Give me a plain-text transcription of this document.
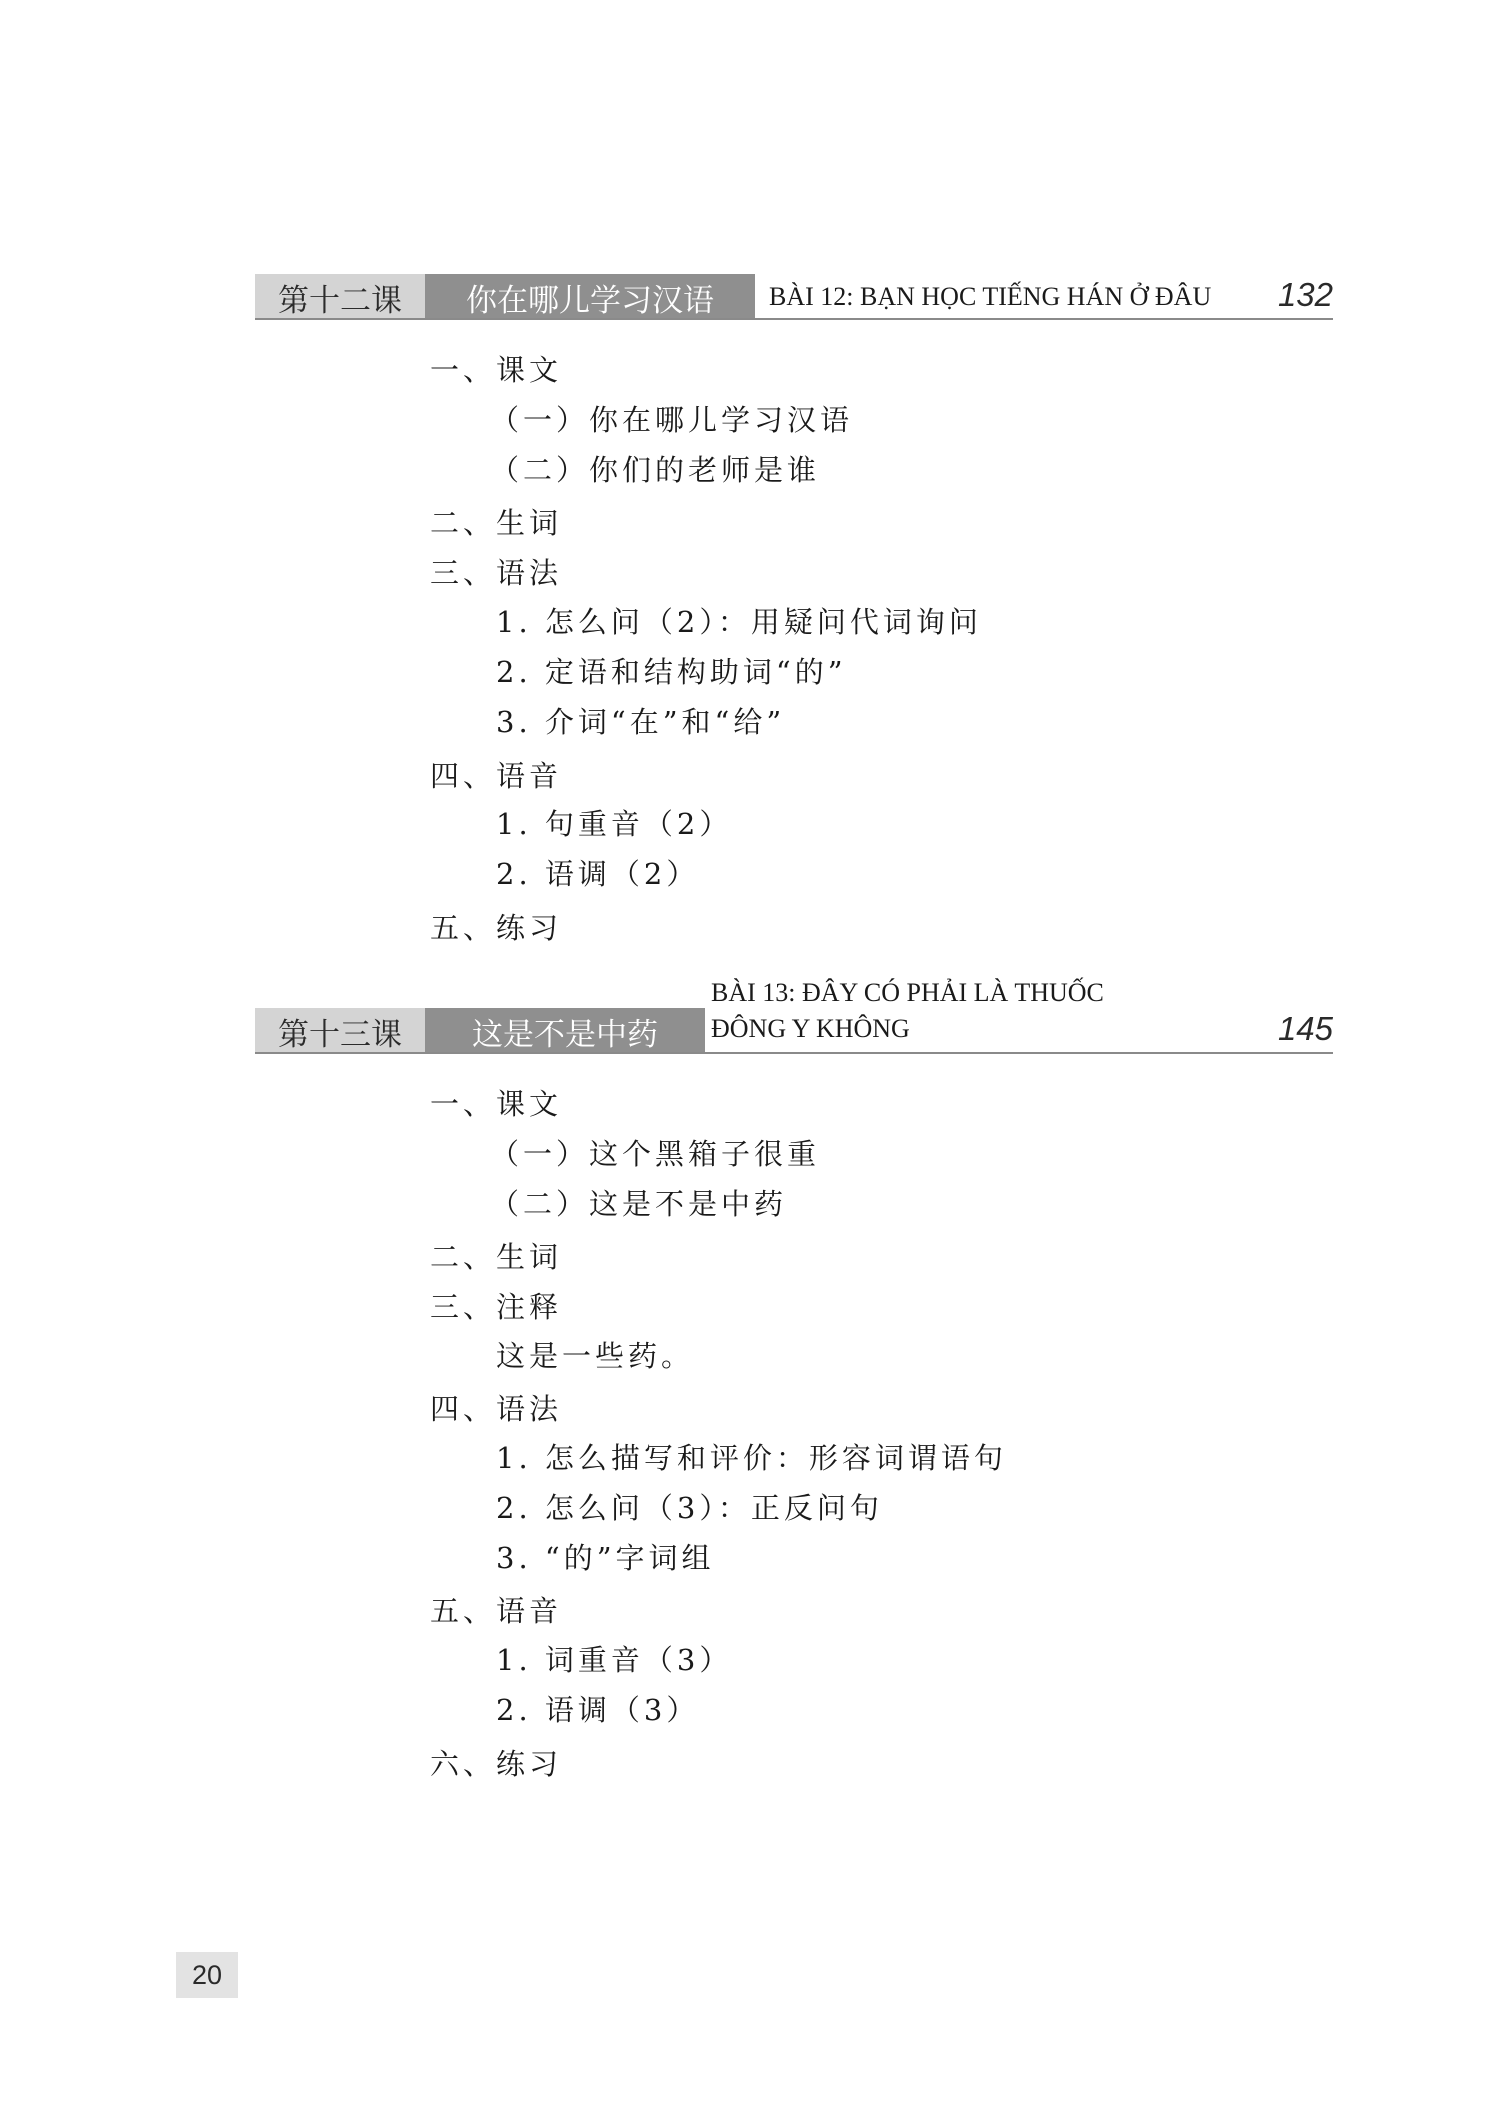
第十二课	你在哪儿学习汉语	BÀI 12: BẠN HỌC TIẾNG HÁN Ở ĐÂU 132
一、课文
（一）你在哪儿学习汉语
（二）你们的老师是谁
二、生词
三、语法
1. 怎么问（2）：用疑问代词询问
2. 定语和结构助词“的”
3. 介词“在”和“给”
四、语音
1. 句重音（2）
2. 语调（2）
五、练习
第十三课	这是不是中药
BÀI 13: ĐÂY CÓ PHẢI LÀ THUỐC
ĐÔNG Y KHÔNG	145
一、课文
（一）这个黑箱子很重
（二）这是不是中药
二、生词
三、注释
这是一些药。
四、语法
1. 怎么描写和评价：形容词谓语句
2. 怎么问（3）：正反问句
3. “的”字词组
五、语音
1. 词重音（3）
2. 语调（3）
六、练习
20
